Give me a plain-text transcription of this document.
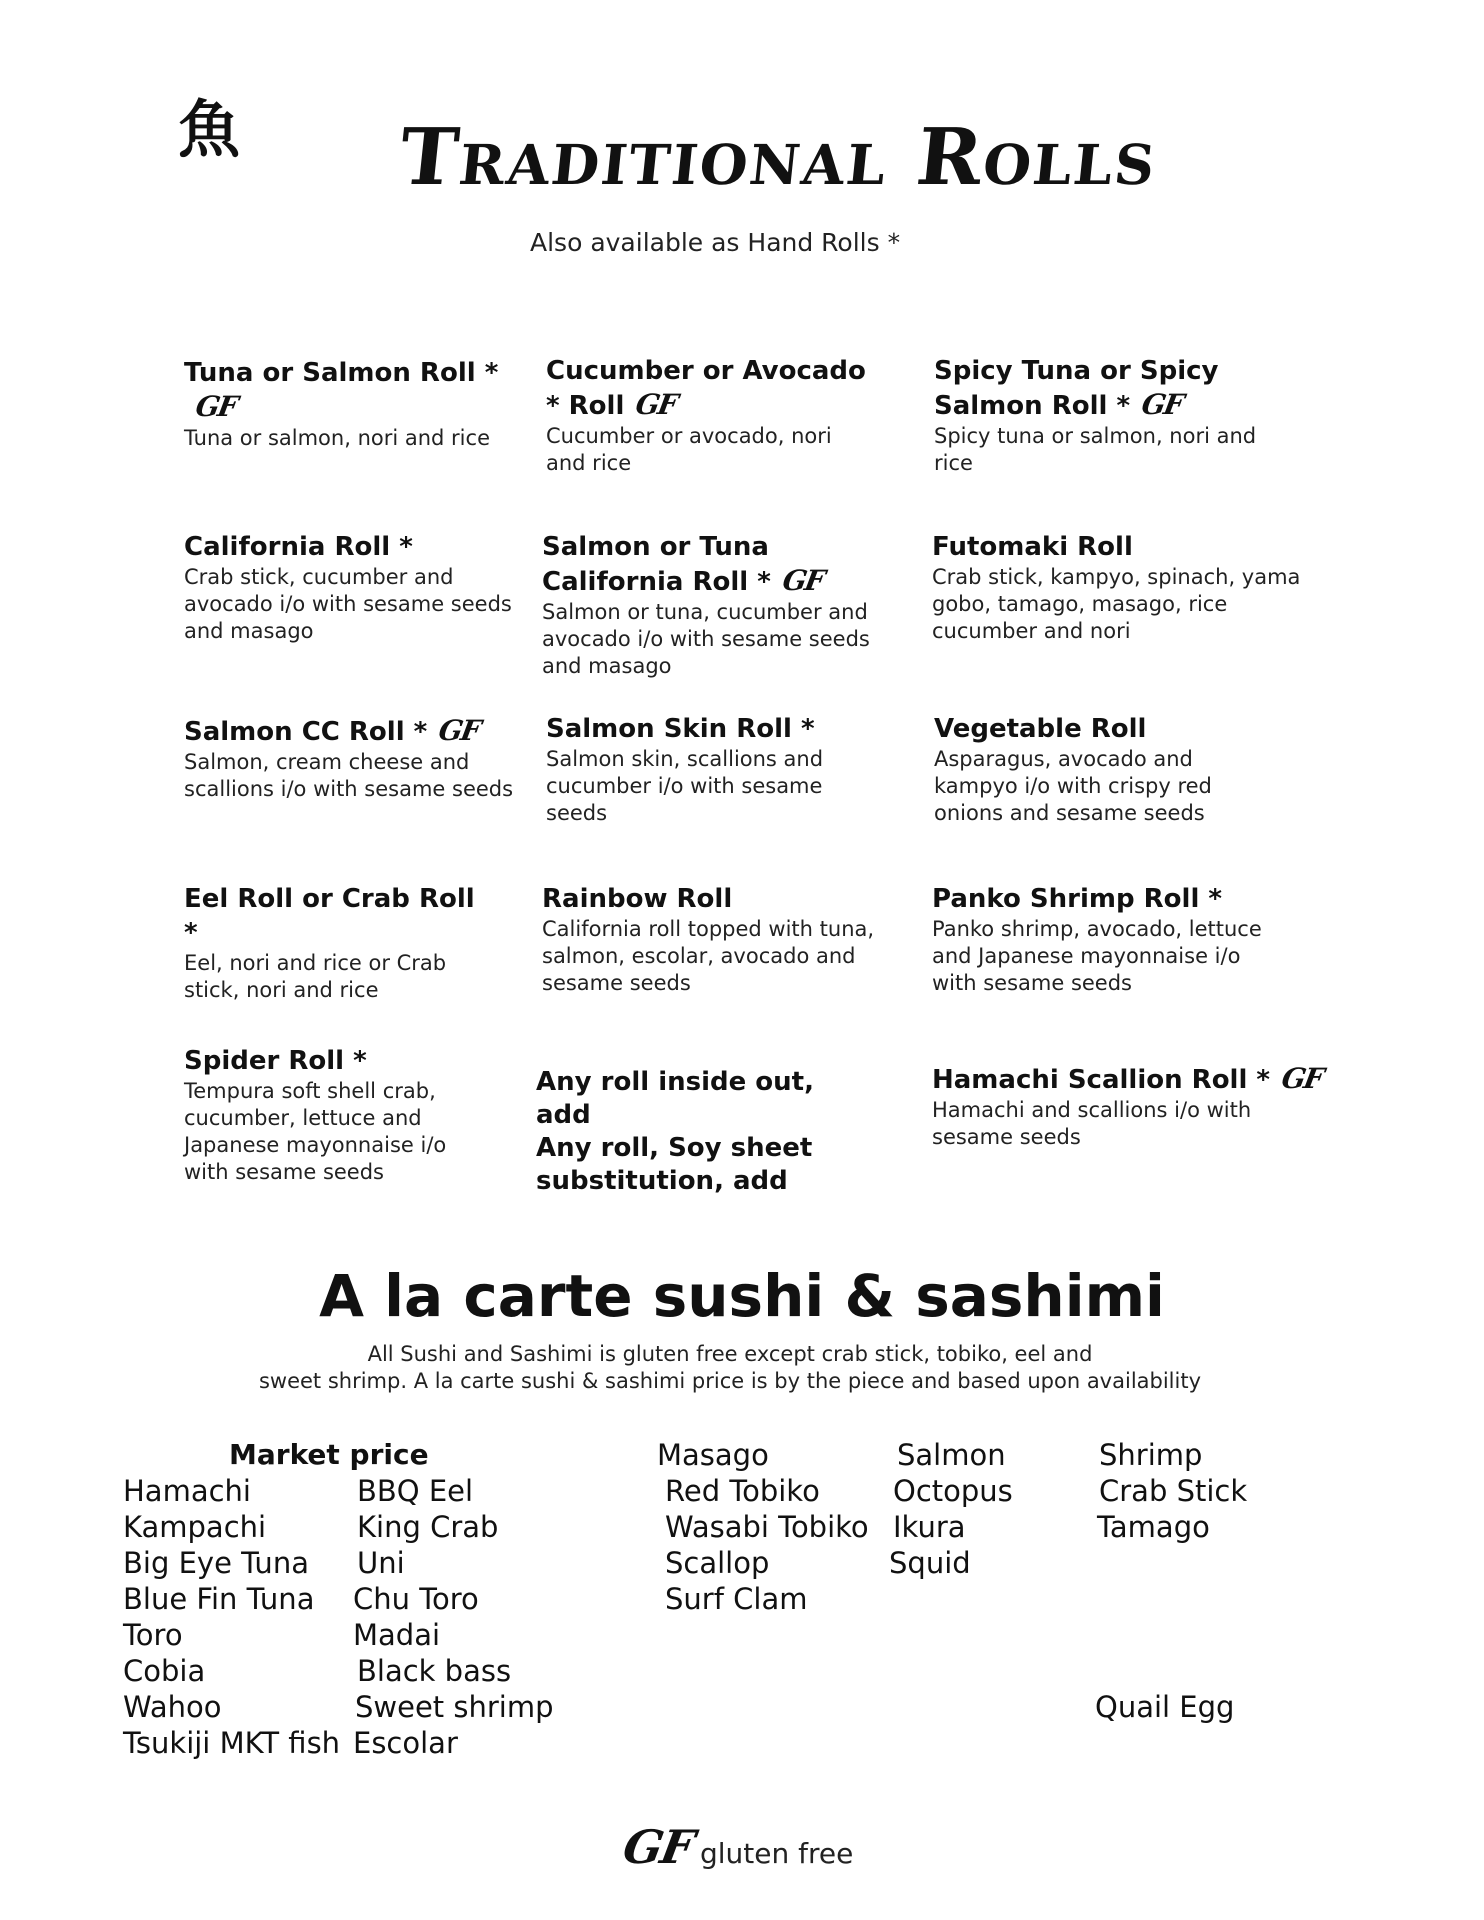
魚 Traditional Rolls
Also available as Hand Rolls *
Tuna or Salmon Roll *GF
Tuna or salmon, nori and rice
Cucumber or Avocado * Roll GF
Cucumber or avocado, nori and rice
Spicy Tuna or Spicy Salmon Roll * GF
Spicy tuna or salmon, nori and rice
California Roll *
Crab stick, cucumber and avocado i/o with sesame seeds and masago
Salmon or Tuna California Roll * GF
Salmon or tuna, cucumber and avocado i/o with sesame seeds and masago
Futomaki Roll
Crab stick, kampyo, spinach, yama gobo, tamago, masago, rice cucumber and nori
Salmon CC Roll * GF
Salmon, cream cheese and scallions i/o with sesame seeds
Salmon Skin Roll *
Salmon skin, scallions and cucumber i/o with sesame seeds
Vegetable Roll
Asparagus, avocado and kampyo i/o with crispy red onions and sesame seeds
Eel Roll or Crab Roll *
Eel, nori and rice or Crab stick, nori and rice
Rainbow Roll
California roll topped with tuna, salmon, escolar, avocado and sesame seeds
Panko Shrimp Roll *
Panko shrimp, avocado, lettuce and Japanese mayonnaise i/o with sesame seeds
Spider Roll *
Tempura soft shell crab, cucumber, lettuce and Japanese mayonnaise i/o with sesame seeds
Any roll inside out, add
Any roll, Soy sheet
substitution, add
Hamachi Scallion Roll * GF
Hamachi and scallions i/o with sesame seeds
A la carte sushi & sashimi
All Sushi and Sashimi is gluten free except crab stick, tobiko, eel and
sweet shrimp. A la carte sushi & sashimi price is by the piece and based upon availability
Market price
Hamachi
Kampachi
Big Eye Tuna
Blue Fin Tuna
Toro
Cobia
Wahoo
Tsukiji MKT fish
BBQ Eel
King Crab
Uni
Chu Toro
Madai
Black bass
Sweet shrimp
Escolar
Masago
Red Tobiko
Wasabi Tobiko
Scallop
Surf Clam
Salmon
Octopus
Ikura
Squid
Shrimp
Crab Stick
Tamago
Quail Egg
GF gluten free
